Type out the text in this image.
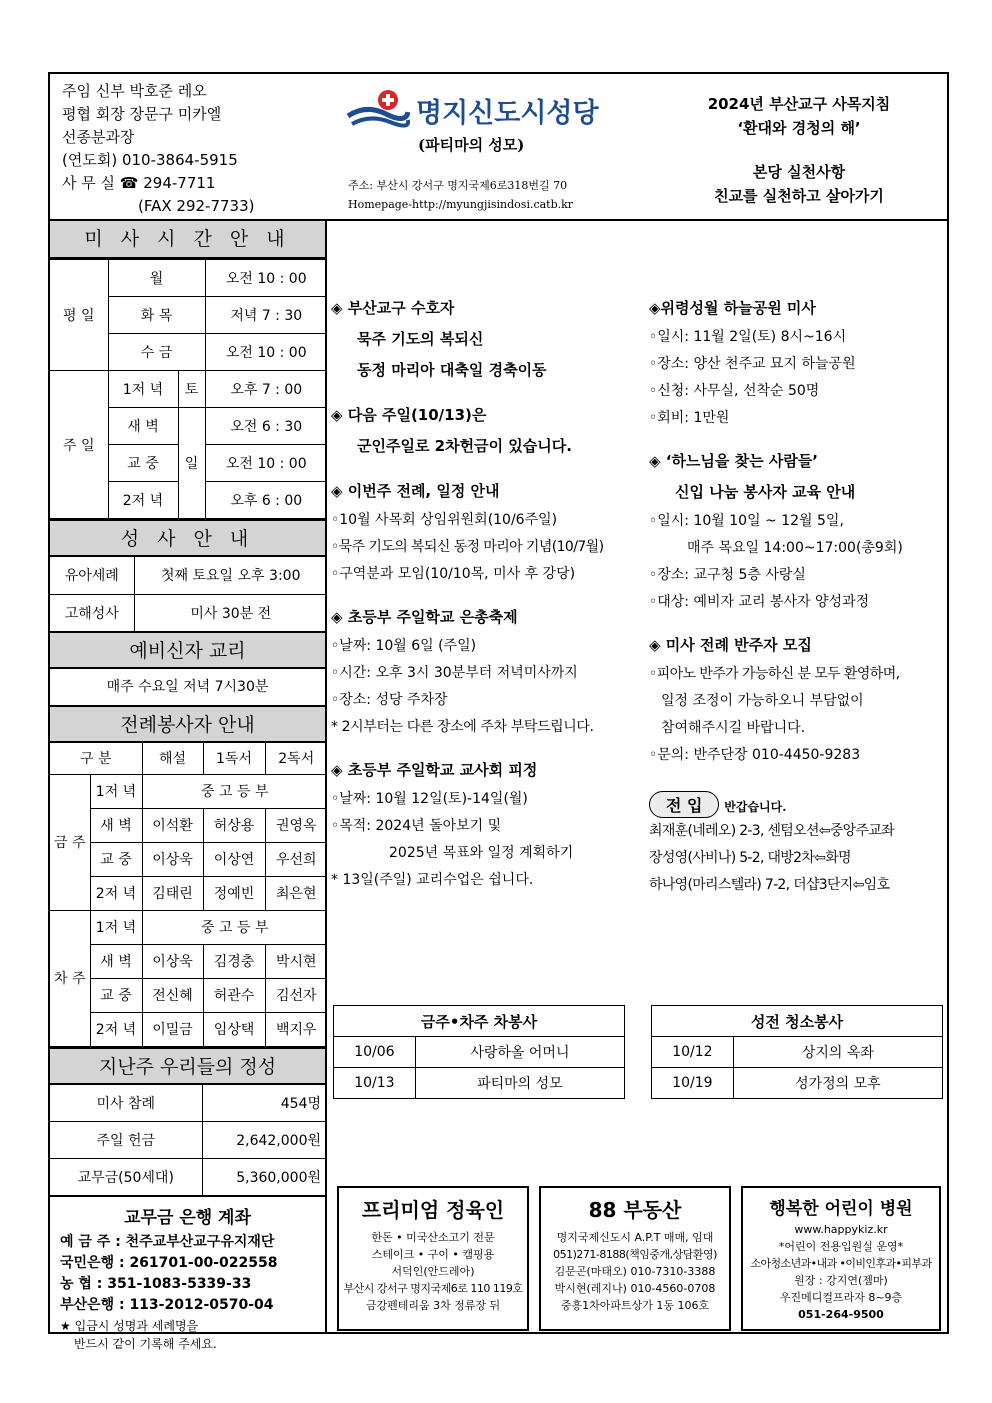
주임 신부 박호준 레오
평협 회장 장문구 미카엘
선종분과장
(연도회) 010-3864-5915
사 무 실 ☎ 294-7711
(FAX 292-7733)
명지신도시성당
(파티마의 성모)
주소: 부산시 강서구 명지국제6로318번길 70
Homepage-http://myungjisindosi.catb.kr
2024년 부산교구 사목지침
‘환대와 경청의 해’
본당 실천사항
친교를 실천하고 살아가기
미 사 시 간 안 내
평 일	월		오전 10 : 00
	화 목		저녁 7 : 30
	수 금		오전 10 : 00
주 일	1저 녁	토	오후 7 : 00
	새 벽	일	오전 6 : 30
	교 중		오전 10 : 00
	2저 녁		오후 6 : 00
성 사 안 내
유아세례	첫째 토요일 오후 3:00
고해성사	미사 30분 전
예비신자 교리
매주 수요일 저녁 7시30분
전례봉사자 안내
구 분		해설	1독서	2독서
금 주	1저 녁	중 고 등 부		
	새 벽	이석환	허상용	권영옥
	교 중	이상욱	이상연	우선희
	2저 녁	김태린	정예빈	최은현
차 주	1저 녁	중 고 등 부		
	새 벽	이상욱	김경충	박시현
	교 중	전신혜	허관수	김선자
	2저 녁	이밀금	임상택	백지우
지난주 우리들의 정성
미사 참례	454명
주일 헌금	2,642,000원
교무금(50세대)	5,360,000원
교무금 은행 계좌
예 금 주 : 천주교부산교구유지재단
국민은행 : 261701-00-022558
농 협 : 351-1083-5339-33
부산은행 : 113-2012-0570-04
★ 입금시 성명과 세례명을
반드시 같이 기록해 주세요.
◈ 부산교구 수호자
묵주 기도의 복되신
동정 마리아 대축일 경축이동
◈ 다음 주일(10/13)은
군인주일로 2차헌금이 있습니다.
◈ 이번주 전례, 일정 안내
◦10월 사목회 상임위원회(10/6주일)
◦묵주 기도의 복되신 동정 마리아 기념(10/7월)
◦구역분과 모임(10/10목, 미사 후 강당)
◈ 초등부 주일학교 은총축제
◦날짜: 10월 6일 (주일)
◦시간: 오후 3시 30분부터 저녁미사까지
◦장소: 성당 주차장
* 2시부터는 다른 장소에 주차 부탁드립니다.
◈ 초등부 주일학교 교사회 피정
◦날짜: 10월 12일(토)-14일(월)
◦목적: 2024년 돌아보기 및
2025년 목표와 일정 계획하기
* 13일(주일) 교리수업은 쉽니다.
◈위령성월 하늘공원 미사
◦일시: 11월 2일(토) 8시~16시
◦장소: 양산 천주교 묘지 하늘공원
◦신청: 사무실, 선착순 50명
◦회비: 1만원
◈ ‘하느님을 찾는 사람들’
신입 나눔 봉사자 교육 안내
◦일시: 10월 10일 ~ 12월 5일,
매주 목요일 14:00~17:00(총9회)
◦장소: 교구청 5층 사랑실
◦대상: 예비자 교리 봉사자 양성과정
◈ 미사 전례 반주자 모집
◦피아노 반주가 가능하신 분 모두 환영하며,
일정 조정이 가능하오니 부담없이
참여해주시길 바랍니다.
◦문의: 반주단장 010-4450-9283
전 입 반갑습니다.
최재훈(네레오) 2-3, 센텀오션⇦중앙주교좌
장성영(사비나) 5-2, 대방2차⇦화명
하나영(마리스텔라) 7-2, 더샵3단지⇦임호
금주•차주 차봉사	
10/06	사랑하올 어머니
10/13	파티마의 성모
성전 청소봉사	
10/12	상지의 옥좌
10/19	성가정의 모후
프리미엄 정육인
한돈 • 미국산소고기 전문
스테이크 • 구이 • 캠핑용
서덕인(안드레아)
부산시 강서구 명지국제6로 110 119호
금강펜테리움 3차 정류장 뒤
88 부동산
명지국제신도시 A.P.T 매매, 임대
051)271-8188(책임중개,상담환영)
김문곤(마태오) 010-7310-3388
박시현(레지나) 010-4560-0708
중흥1차아파트상가 1동 106호
행복한 어린이 병원
www.happykiz.kr
*어린이 전용입원실 운영*
소아청소년과•내과 •이비인후과•피부과
원장 : 강지연(젬마)
우진메디컬프라자 8~9층
051-264-9500
